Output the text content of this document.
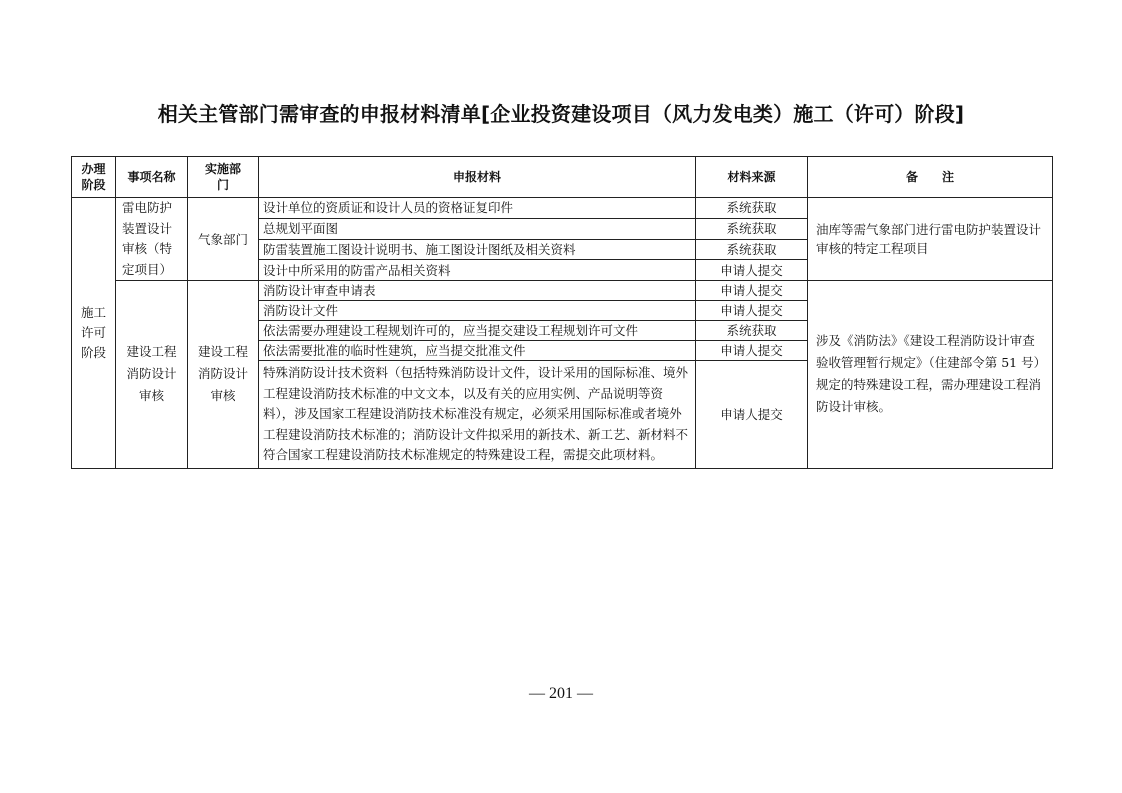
相关主管部门需审查的申报材料清单[企业投资建设项目（风力发电类）施工（许可）阶段]
办理阶段	事项名称	实施部门	申报材料	材料来源	备　　注
施工许可阶段	雷电防护装置设计审核（特定项目）	气象部门	设计单位的资质证和设计人员的资格证复印件	系统获取	油库等需气象部门进行雷电防护装置设计审核的特定工程项目
			总规划平面图	系统获取	
			防雷装置施工图设计说明书、施工图设计图纸及相关资料	系统获取	
			设计中所采用的防雷产品相关资料	申请人提交	
	建设工程消防设计审核	建设工程消防设计审核	消防设计审查申请表	申请人提交	涉及《消防法》《建设工程消防设计审查验收管理暂行规定》（住建部令第 51 号）规定的特殊建设工程，需办理建设工程消防设计审核。
			消防设计文件	申请人提交	
			依法需要办理建设工程规划许可的，应当提交建设工程规划许可文件	系统获取	
			依法需要批准的临时性建筑，应当提交批准文件	申请人提交	
			特殊消防设计技术资料（包括特殊消防设计文件，设计采用的国际标准、境外工程建设消防技术标准的中文文本，以及有关的应用实例、产品说明等资料），涉及国家工程建设消防技术标准没有规定，必须采用国际标准或者境外工程建设消防技术标准的；消防设计文件拟采用的新技术、新工艺、新材料不符合国家工程建设消防技术标准规定的特殊建设工程，需提交此项材料。	申请人提交	
— 201 —
